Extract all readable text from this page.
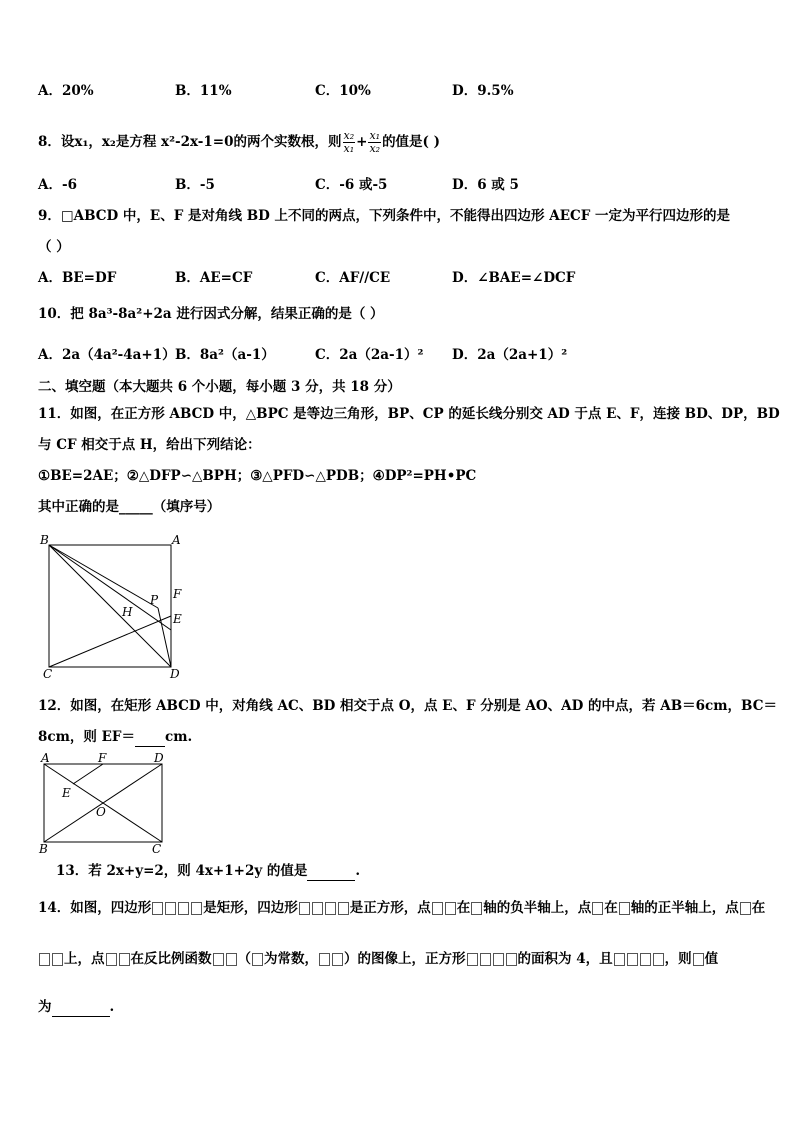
A．20%	B．11%	C．10%	D．9.5%
8．设x₁，x₂是方程 x²-2x-1=0的两个实数根，则 $\frac{\text{x₂}}{\text{x₁}} + \frac{\text{x₁}}{\text{x₂}}$ 的值是( )
A．-6	B．-5	C．-6 或-5	D．6 或 5
9．□ABCD 中，E、F 是对角线 BD 上不同的两点，下列条件中，不能得出四边形 AECF 一定为平行四边形的是
（ ）
A．BE=DF	B．AE=CF	C．AF//CE	D．∠BAE=∠DCF
10．把 8a³-8a²+2a 进行因式分解，结果正确的是（ ）
A．2a（4a²-4a+1） B．8a²（a-1）	C．2a（2a-1）² D．2a（2a+1）²
二、填空题（本大题共 6 个小题，每小题 3 分，共 18 分）
11．如图，在正方形 ABCD 中，△BPC 是等边三角形，BP、CP 的延长线分别交 AD 于点 E、F，连接 BD、DP，BD
与 CF 相交于点 H，给出下列结论：
①BE=2AE；②△DFP∽△BPH；③△PFD∽△PDB；④DP²=PH•PC
其中正确的是_____（填序号）
B	A
P F
H	E
C	D
12．如图，在矩形 ABCD 中，对角线 AC、BD 相交于点 O，点 E、F 分别是 AO、AD 的中点，若 AB＝6cm，BC＝
8cm，则 EF＝ cm.
A	F	D
E
O
B	C
13．若 2x+y=2，则 4x+1+2y 的值是	.
14．如图，四边形	是矩形，四边形	是正方形，点 在 轴的负半轴上，点 在 轴的正半轴上，点 在
上，点 在反比例函数 （ 为常数， ）的图像上，正方形	的面积为 4，且	，则 值
为	.
